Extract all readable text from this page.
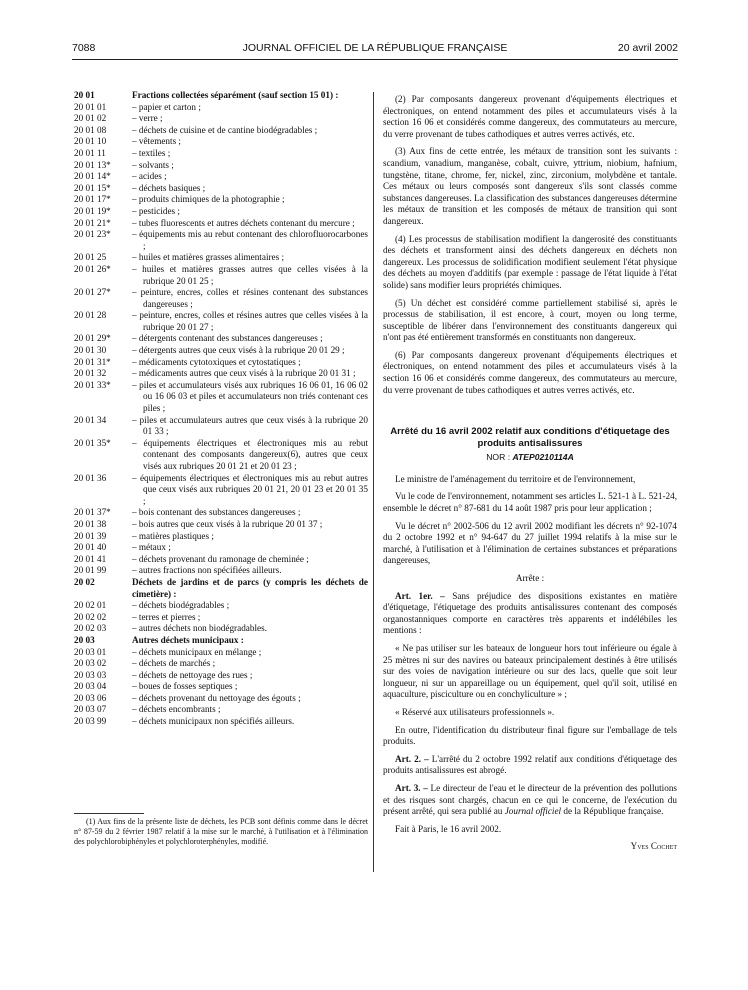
7088	JOURNAL OFFICIEL DE LA RÉPUBLIQUE FRANÇAISE	20 avril 2002
20 01	Fractions collectées séparément (sauf section 15 01) :
20 01 01	– papier et carton ;
20 01 02	– verre ;
20 01 08	– déchets de cuisine et de cantine biodégradables ;
20 01 10	– vêtements ;
20 01 11	– textiles ;
20 01 13*	– solvants ;
20 01 14*	– acides ;
20 01 15*	– déchets basiques ;
20 01 17*	– produits chimiques de la photographie ;
20 01 19*	– pesticides ;
20 01 21*	– tubes fluorescents et autres déchets contenant du mercure ;
20 01 23*	– équipements mis au rebut contenant des chlorofluorocarbones ;
20 01 25	– huiles et matières grasses alimentaires ;
20 01 26*	– huiles et matières grasses autres que celles visées à la rubrique 20 01 25 ;
20 01 27*	– peinture, encres, colles et résines contenant des substances dangereuses ;
20 01 28	– peinture, encres, colles et résines autres que celles visées à la rubrique 20 01 27 ;
20 01 29*	– détergents contenant des substances dangereuses ;
20 01 30	– détergents autres que ceux visés à la rubrique 20 01 29 ;
20 01 31*	– médicaments cytotoxiques et cytostatiques ;
20 01 32	– médicaments autres que ceux visés à la rubrique 20 01 31 ;
20 01 33*	– piles et accumulateurs visés aux rubriques 16 06 01, 16 06 02 ou 16 06 03 et piles et accumulateurs non triés contenant ces piles ;
20 01 34	– piles et accumulateurs autres que ceux visés à la rubrique 20 01 33 ;
20 01 35*	– équipements électriques et électroniques mis au rebut contenant des composants dangereux(6), autres que ceux visés aux rubriques 20 01 21 et 20 01 23 ;
20 01 36	– équipements électriques et électroniques mis au rebut autres que ceux visés aux rubriques 20 01 21, 20 01 23 et 20 01 35 ;
20 01 37*	– bois contenant des substances dangereuses ;
20 01 38	– bois autres que ceux visés à la rubrique 20 01 37 ;
20 01 39	– matières plastiques ;
20 01 40	– métaux ;
20 01 41	– déchets provenant du ramonage de cheminée ;
20 01 99	– autres fractions non spécifiées ailleurs.
20 02	Déchets de jardins et de parcs (y compris les déchets de cimetière) :
20 02 01	– déchets biodégradables ;
20 02 02	– terres et pierres ;
20 02 03	– autres déchets non biodégradables.
20 03	Autres déchets municipaux :
20 03 01	– déchets municipaux en mélange ;
20 03 02	– déchets de marchés ;
20 03 03	– déchets de nettoyage des rues ;
20 03 04	– boues de fosses septiques ;
20 03 06	– déchets provenant du nettoyage des égouts ;
20 03 07	– déchets encombrants ;
20 03 99	– déchets municipaux non spécifiés ailleurs.
(1) Aux fins de la présente liste de déchets, les PCB sont définis comme dans le décret n° 87-59 du 2 février 1987 relatif à la mise sur le marché, à l'utilisation et à l'élimination des polychlorobiphényles et polychloroterphényles, modifié.

(2) Par composants dangereux provenant d'équipements électriques et électroniques, on entend notamment des piles et accumulateurs visés à la section 16 06 et considérés comme dangereux, des commutateurs au mercure, du verre provenant de tubes cathodiques et autres verres activés, etc.

(3) Aux fins de cette entrée, les métaux de transition sont les suivants : scandium, vanadium, manganèse, cobalt, cuivre, yttrium, niobium, hafnium, tungstène, titane, chrome, fer, nickel, zinc, zirconium, molybdène et tantale. Ces métaux ou leurs composés sont dangereux s'ils sont classés comme substances dangereuses. La classification des substances dangereuses détermine les métaux de transition et les composés de métaux de transition qui sont dangereux.

(4) Les processus de stabilisation modifient la dangerosité des constituants des déchets et transforment ainsi des déchets dangereux en déchets non dangereux. Les processus de solidification modifient seulement l'état physique des déchets au moyen d'additifs (par exemple : passage de l'état liquide à l'état solide) sans modifier leurs propriétés chimiques.

(5) Un déchet est considéré comme partiellement stabilisé si, après le processus de stabilisation, il est encore, à court, moyen ou long terme, susceptible de libérer dans l'environnement des constituants dangereux qui n'ont pas été entièrement transformés en constituants non dangereux.

(6) Par composants dangereux provenant d'équipements électriques et électroniques, on entend notamment des piles et accumulateurs visés à la section 16 06 et considérés comme dangereux, des commutateurs au mercure, du verre provenant de tubes cathodiques et autres verres activés, etc.

Arrêté du 16 avril 2002 relatif aux conditions d'étiquetage des produits antisalissures
NOR : ATEP0210114A

Le ministre de l'aménagement du territoire et de l'environnement,

Vu le code de l'environnement, notamment ses articles L. 521-1 à L. 521-24, ensemble le décret n° 87-681 du 14 août 1987 pris pour leur application ;

Vu le décret n° 2002-506 du 12 avril 2002 modifiant les décrets n° 92-1074 du 2 octobre 1992 et n° 94-647 du 27 juillet 1994 relatifs à la mise sur le marché, à l'utilisation et à l'élimination de certaines substances et préparations dangereuses,

Arrête :

Art. 1er. – Sans préjudice des dispositions existantes en matière d'étiquetage, l'étiquetage des produits antisalissures contenant des composés organostanniques comporte en caractères très apparents et indélébiles les mentions :

« Ne pas utiliser sur les bateaux de longueur hors tout inférieure ou égale à 25 mètres ni sur des navires ou bateaux principalement destinés à être utilisés sur des voies de navigation intérieure ou sur des lacs, quelle que soit leur longueur, ni sur un appareillage ou un équipement, quel qu'il soit, utilisé en aquaculture, pisciculture ou en conchyliculture » ;

« Réservé aux utilisateurs professionnels ».

En outre, l'identification du distributeur final figure sur l'emballage de tels produits.

Art. 2. – L'arrêté du 2 octobre 1992 relatif aux conditions d'étiquetage des produits antisalissures est abrogé.

Art. 3. – Le directeur de l'eau et le directeur de la prévention des pollutions et des risques sont chargés, chacun en ce qui le concerne, de l'exécution du présent arrêté, qui sera publié au Journal officiel de la République française.

Fait à Paris, le 16 avril 2002.

Yves Cochet
